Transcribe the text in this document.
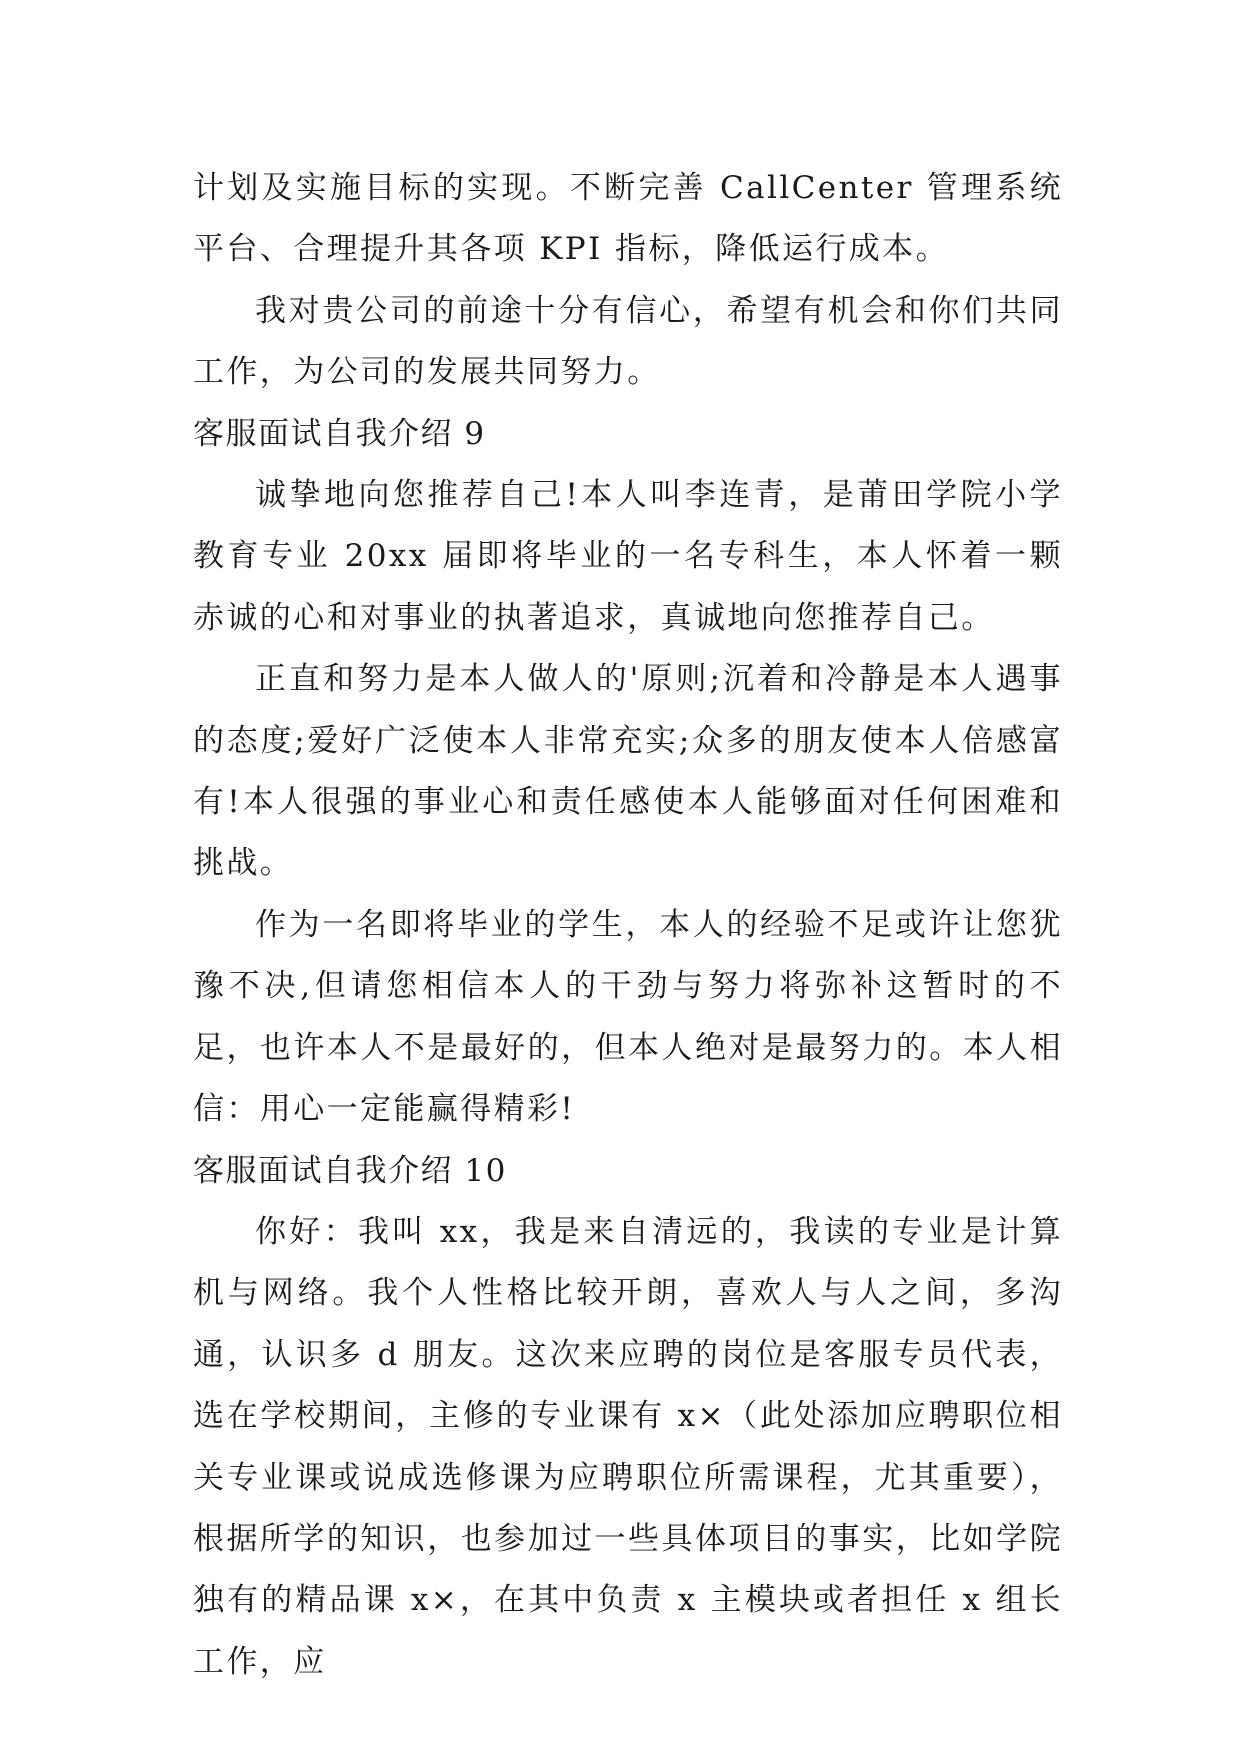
计划及实施目标的实现。不断完善 CallCenter 管理系统平台、合理提升其各项 KPI 指标，降低运行成本。

我对贵公司的前途十分有信心，希望有机会和你们共同工作，为公司的发展共同努力。

客服面试自我介绍 9

诚挚地向您推荐自己!本人叫李连青，是莆田学院小学教育专业 20xx 届即将毕业的一名专科生，本人怀着一颗赤诚的心和对事业的执著追求，真诚地向您推荐自己。

正直和努力是本人做人的'原则;沉着和冷静是本人遇事的态度;爱好广泛使本人非常充实;众多的朋友使本人倍感富有!本人很强的事业心和责任感使本人能够面对任何困难和挑战。

作为一名即将毕业的学生，本人的经验不足或许让您犹豫不决,但请您相信本人的干劲与努力将弥补这暂时的不足，也许本人不是最好的，但本人绝对是最努力的。本人相信：用心一定能赢得精彩!

客服面试自我介绍 10

你好：我叫 xx，我是来自清远的，我读的专业是计算机与网络。我个人性格比较开朗，喜欢人与人之间，多沟通，认识多 d 朋友。这次来应聘的岗位是客服专员代表，选在学校期间，主修的专业课有 x×（此处添加应聘职位相关专业课或说成选修课为应聘职位所需课程，尤其重要），根据所学的知识，也参加过一些具体项目的事实，比如学院独有的精品课 x×，在其中负责 x 主模块或者担任 x 组长工作，应
